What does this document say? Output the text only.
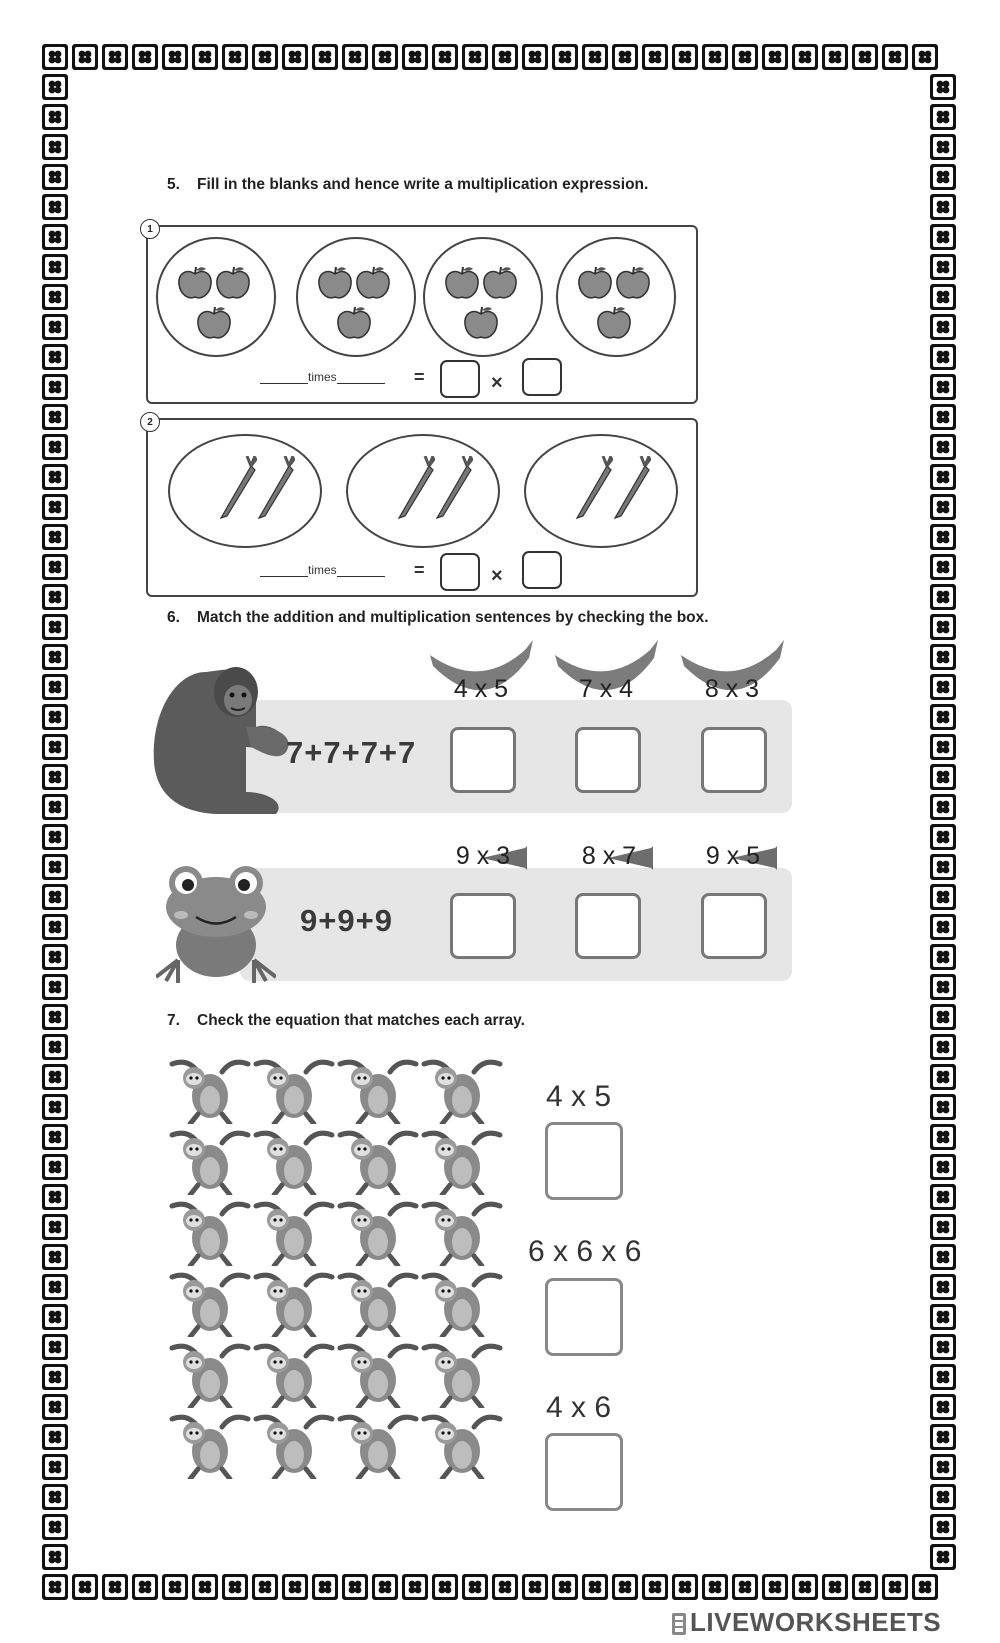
5. Fill in the blanks and hence write a multiplication expression.
1
times	=	×
2
times	=	×
6. Match the addition and multiplication sentences by checking the box.
7+7+7+7
4 x 5	7 x 4	8 x 3
9+9+9
9 x 3	8 x 7	9 x 5
7. Check the equation that matches each array.
4 x 5
6 x 6 x 6
4 x 6
LIVEWORKSHEETS
